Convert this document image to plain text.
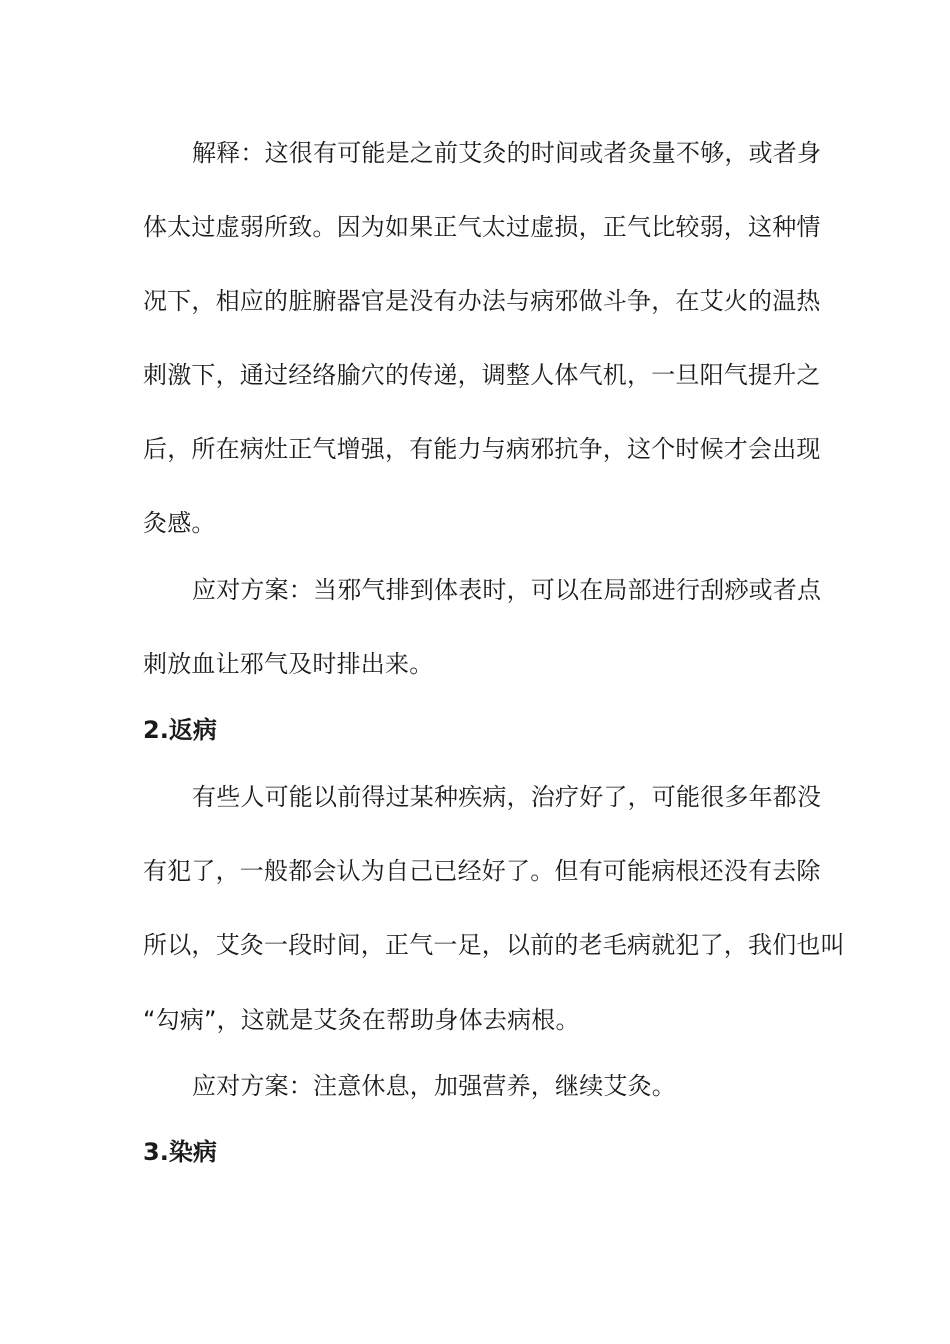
解释：这很有可能是之前艾灸的时间或者灸量不够，或者身
体太过虚弱所致。因为如果正气太过虚损，正气比较弱，这种情
况下，相应的脏腑器官是没有办法与病邪做斗争，在艾火的温热
刺激下，通过经络腧穴的传递，调整人体气机，一旦阳气提升之
后，所在病灶正气增强，有能力与病邪抗争，这个时候才会出现
灸感。
应对方案：当邪气排到体表时，可以在局部进行刮痧或者点
刺放血让邪气及时排出来。
2.返病
有些人可能以前得过某种疾病，治疗好了，可能很多年都没
有犯了，一般都会认为自己已经好了。但有可能病根还没有去除
所以，艾灸一段时间，正气一足，以前的老毛病就犯了，我们也叫
“勾病”，这就是艾灸在帮助身体去病根。
应对方案：注意休息，加强营养，继续艾灸。
3.染病
